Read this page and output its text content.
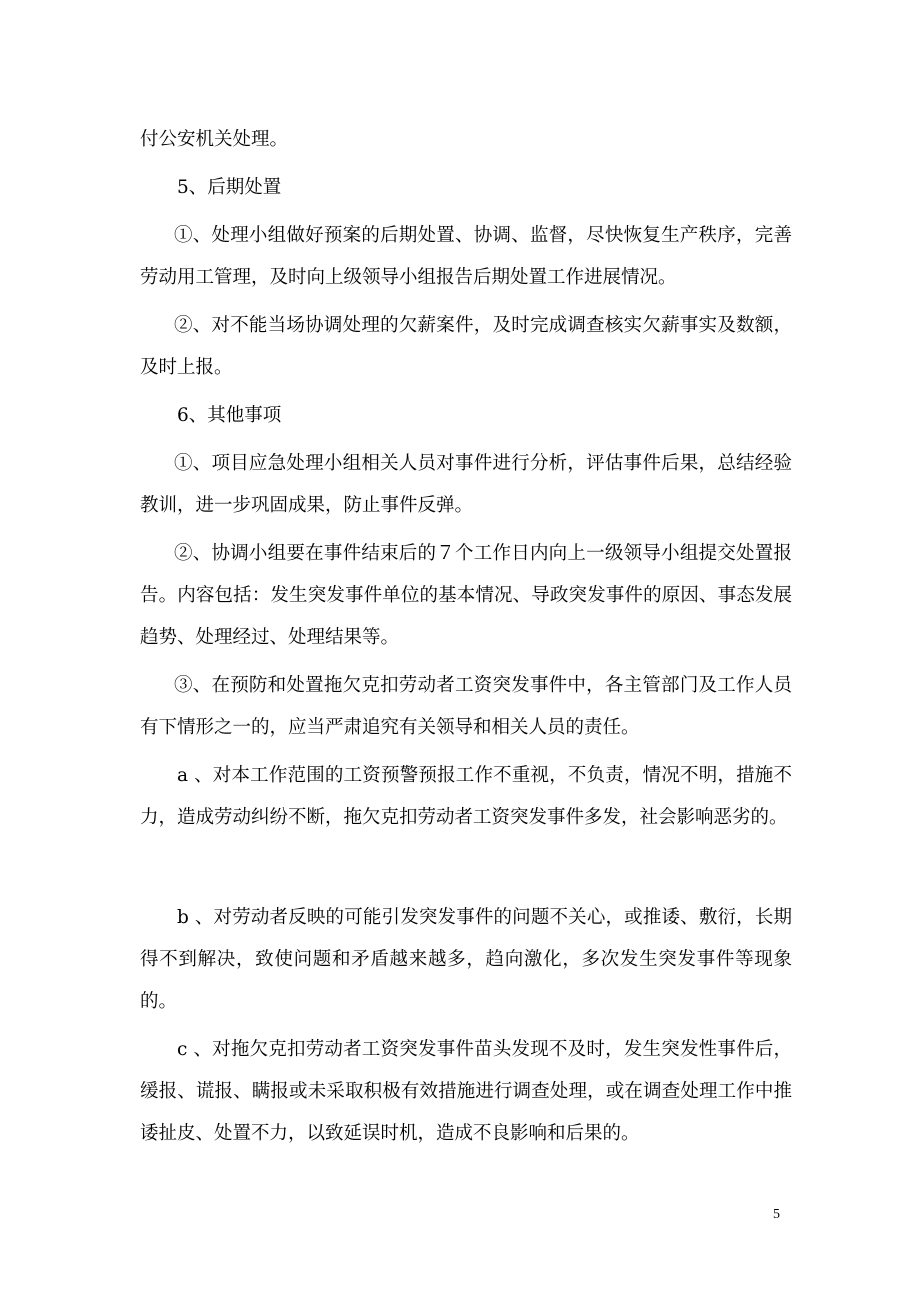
付公安机关处理。

5、后期处置

①、处理小组做好预案的后期处置、协调、监督，尽快恢复生产秩序，完善劳动用工管理，及时向上级领导小组报告后期处置工作进展情况。

②、对不能当场协调处理的欠薪案件，及时完成调查核实欠薪事实及数额，及时上报。

6、其他事项

①、项目应急处理小组相关人员对事件进行分析，评估事件后果，总结经验教训，进一步巩固成果，防止事件反弹。

②、协调小组要在事件结束后的７个工作日内向上一级领导小组提交处置报告。内容包括：发生突发事件单位的基本情况、导政突发事件的原因、事态发展趋势、处理经过、处理结果等。

③、在预防和处置拖欠克扣劳动者工资突发事件中，各主管部门及工作人员有下情形之一的，应当严肃追究有关领导和相关人员的责任。

a 、对本工作范围的工资预警预报工作不重视，不负责，情况不明，措施不力，造成劳动纠纷不断，拖欠克扣劳动者工资突发事件多发，社会影响恶劣的。

b 、对劳动者反映的可能引发突发事件的问题不关心，或推诿、敷衍，长期得不到解决，致使问题和矛盾越来越多，趋向激化，多次发生突发事件等现象的。

c 、对拖欠克扣劳动者工资突发事件苗头发现不及时，发生突发性事件后，缓报、谎报、瞒报或未采取积极有效措施进行调查处理，或在调查处理工作中推诿扯皮、处置不力，以致延误时机，造成不良影响和后果的。

5
